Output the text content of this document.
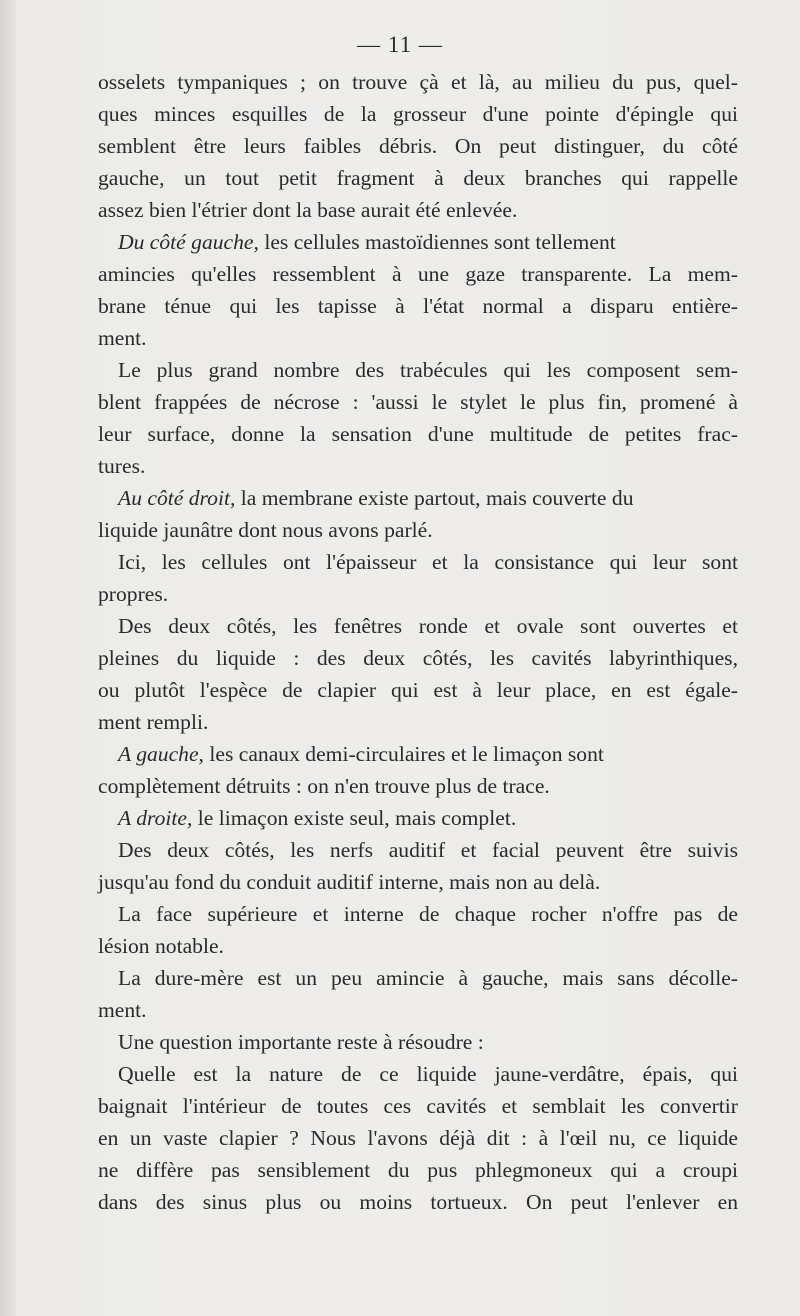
— 11 —
osselets tympaniques ; on trouve çà et là, au milieu du pus, quel-
ques minces esquilles de la grosseur d'une pointe d'épingle qui
semblent être leurs faibles débris. On peut distinguer, du côté
gauche, un tout petit fragment à deux branches qui rappelle
assez bien l'étrier dont la base aurait été enlevée.
Du côté gauche, les cellules mastoïdiennes sont tellement
amincies qu'elles ressemblent à une gaze transparente. La mem-
brane ténue qui les tapisse à l'état normal a disparu entière-
ment.
Le plus grand nombre des trabécules qui les composent sem-
blent frappées de nécrose : 'aussi le stylet le plus fin, promené à
leur surface, donne la sensation d'une multitude de petites frac-
tures.
Au côté droit, la membrane existe partout, mais couverte du
liquide jaunâtre dont nous avons parlé.
Ici, les cellules ont l'épaisseur et la consistance qui leur sont
propres.
Des deux côtés, les fenêtres ronde et ovale sont ouvertes et
pleines du liquide : des deux côtés, les cavités labyrinthiques,
ou plutôt l'espèce de clapier qui est à leur place, en est égale-
ment rempli.
A gauche, les canaux demi-circulaires et le limaçon sont
complètement détruits : on n'en trouve plus de trace.
A droite, le limaçon existe seul, mais complet.
Des deux côtés, les nerfs auditif et facial peuvent être suivis
jusqu'au fond du conduit auditif interne, mais non au delà.
La face supérieure et interne de chaque rocher n'offre pas de
lésion notable.
La dure-mère est un peu amincie à gauche, mais sans décolle-
ment.
Une question importante reste à résoudre :
Quelle est la nature de ce liquide jaune-verdâtre, épais, qui
baignait l'intérieur de toutes ces cavités et semblait les convertir
en un vaste clapier ? Nous l'avons déjà dit : à l'œil nu, ce liquide
ne diffère pas sensiblement du pus phlegmoneux qui a croupi
dans des sinus plus ou moins tortueux. On peut l'enlever en
